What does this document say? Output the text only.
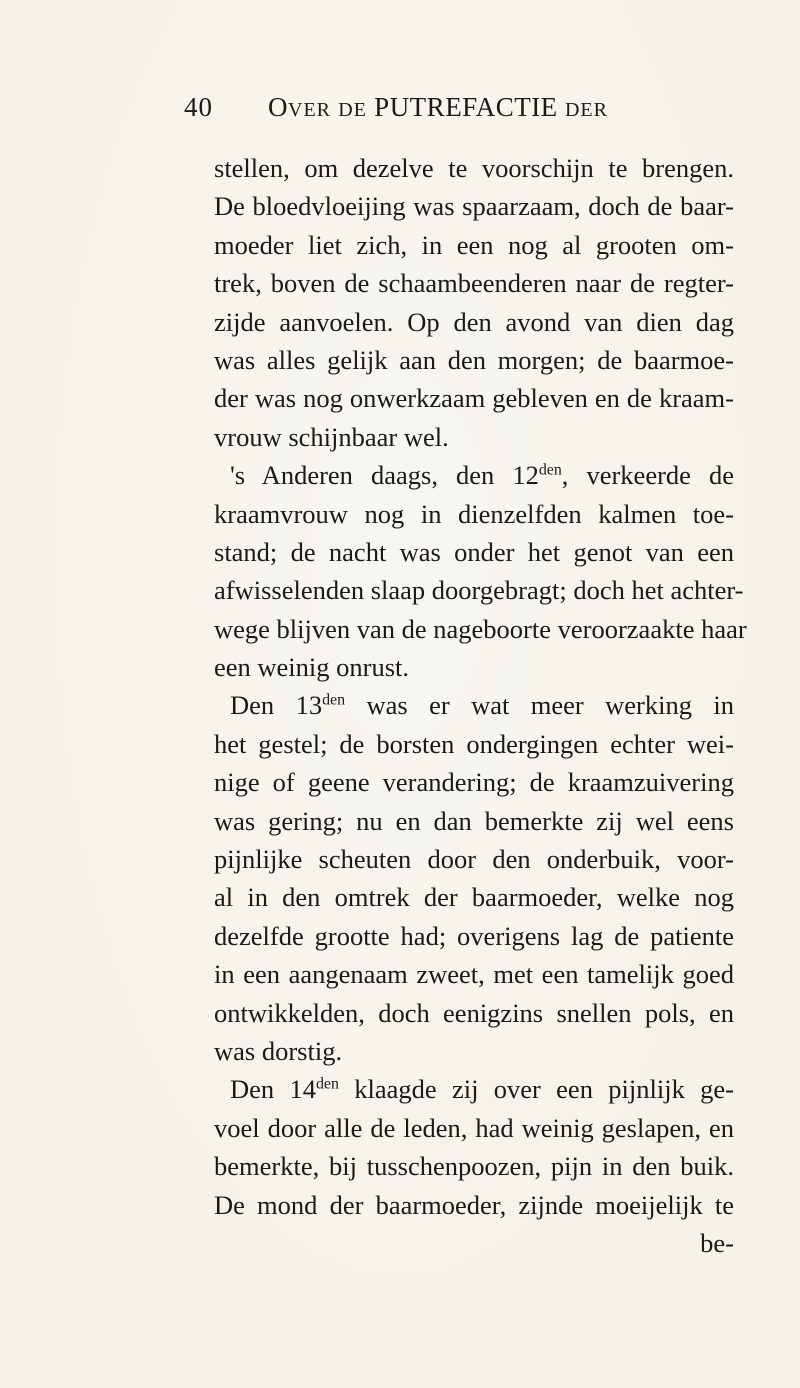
40 OVER DE PUTREFACTIE DER
stellen, om dezelve te voorschijn te brengen.
De bloedvloeijing was spaarzaam, doch de baar-
moeder liet zich, in een nog al grooten om-
trek, boven de schaambeenderen naar de regter-
zijde aanvoelen. Op den avond van dien dag
was alles gelijk aan den morgen; de baarmoe-
der was nog onwerkzaam gebleven en de kraam-
vrouw schijnbaar wel.
's Anderen daags, den $12^{den}$, verkeerde de
kraamvrouw nog in dienzelfden kalmen toe-
stand; de nacht was onder het genot van een
afwisselenden slaap doorgebragt; doch het achter-
wege blijven van de nageboorte veroorzaakte haar
een weinig onrust.
Den $13^{den}$ was er wat meer werking in
het gestel; de borsten ondergingen echter wei-
nige of geene verandering; de kraamzuivering
was gering; nu en dan bemerkte zij wel eens
pijnlijke scheuten door den onderbuik, voor-
al in den omtrek der baarmoeder, welke nog
dezelfde grootte had; overigens lag de patiente
in een aangenaam zweet, met een tamelijk goed
ontwikkelden, doch eenigzins snellen pols, en
was dorstig.
Den $14^{den}$ klaagde zij over een pijnlijk ge-
voel door alle de leden, had weinig geslapen, en
bemerkte, bij tusschenpoozen, pijn in den buik.
De mond der baarmoeder, zijnde moeijelijk te
be-
